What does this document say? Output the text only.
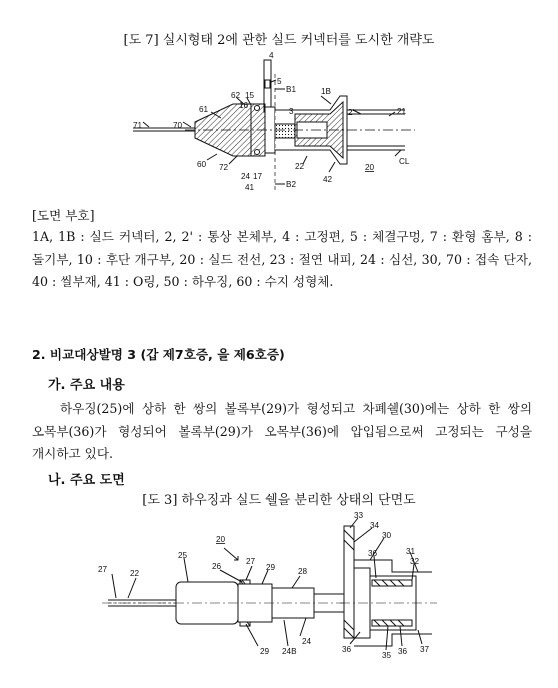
[도 7] 실시형태 2에 관한 실드 커넥터를 도시한 개략도
4
5
B1	1B
62 15
16
3
61	2'
71	70
21
60 72	22
24 17
41
42
20
CL
B2
[도면 부호]
1A, 1B : 실드 커넥터, 2, 2' : 통상 본체부, 4 : 고정편, 5 : 체결구멍, 7 : 환형 홈부, 8 : 돌기부, 10 : 후단 개구부, 20 : 실드 전선, 23 : 절연 내피, 24 : 심선, 30, 70 : 접속 단자, 40 : 씰부재, 41 : O링, 50 : 하우징, 60 : 수지 성형체.
2. 비교대상발명 3 (갑 제7호증, 을 제6호증)
가. 주요 내용
하우징(25)에 상하 한 쌍의 볼록부(29)가 형성되고 차폐쉘(30)에는 상하 한 쌍의 오목부(36)가 형성되어 볼록부(29)가 오목부(36)에 압입됨으로써 고정되는 구성을 개시하고 있다.
나. 주요 도면
[도 3] 하우징과 실드 쉘을 분리한 상태의 단면도
20
25
26
27
29	28
27	22
29 24B
24
33
34
30
36	31
32
36
35 36 37
